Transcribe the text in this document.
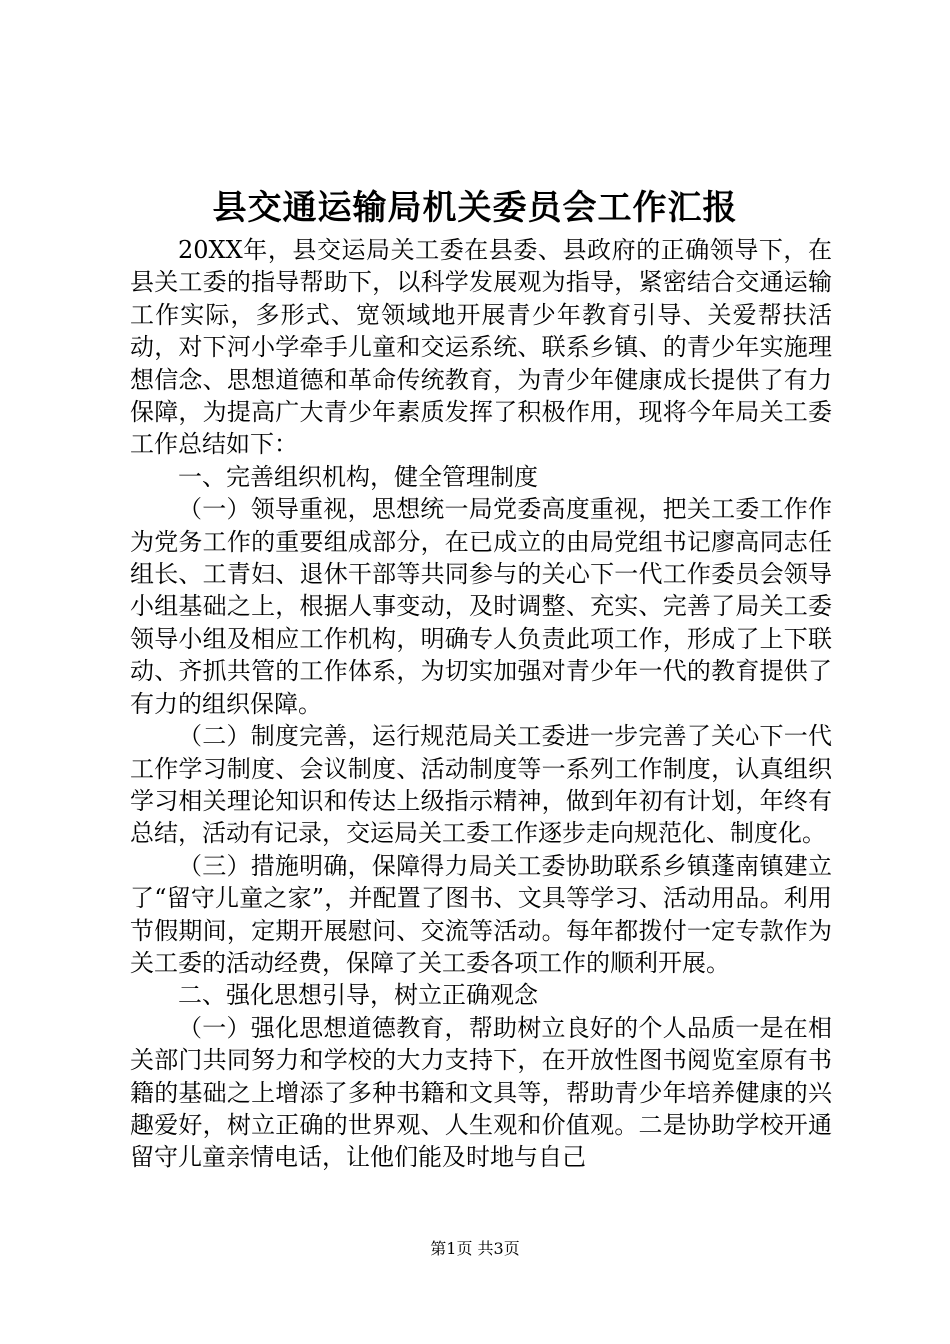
县交通运输局机关委员会工作汇报

20XX年，县交运局关工委在县委、县政府的正确领导下，在县关工委的指导帮助下，以科学发展观为指导，紧密结合交通运输工作实际，多形式、宽领域地开展青少年教育引导、关爱帮扶活动，对下河小学牵手儿童和交运系统、联系乡镇、的青少年实施理想信念、思想道德和革命传统教育，为青少年健康成长提供了有力保障，为提高广大青少年素质发挥了积极作用，现将今年局关工委工作总结如下：

一、完善组织机构，健全管理制度

（一）领导重视，思想统一局党委高度重视，把关工委工作作为党务工作的重要组成部分，在已成立的由局党组书记廖高同志任组长、工青妇、退休干部等共同参与的关心下一代工作委员会领导小组基础之上，根据人事变动，及时调整、充实、完善了局关工委领导小组及相应工作机构，明确专人负责此项工作，形成了上下联动、齐抓共管的工作体系，为切实加强对青少年一代的教育提供了有力的组织保障。

（二）制度完善，运行规范局关工委进一步完善了关心下一代工作学习制度、会议制度、活动制度等一系列工作制度，认真组织学习相关理论知识和传达上级指示精神，做到年初有计划，年终有总结，活动有记录，交运局关工委工作逐步走向规范化、制度化。

（三）措施明确，保障得力局关工委协助联系乡镇蓬南镇建立了“留守儿童之家”，并配置了图书、文具等学习、活动用品。利用节假期间，定期开展慰问、交流等活动。每年都拨付一定专款作为关工委的活动经费，保障了关工委各项工作的顺利开展。

二、强化思想引导，树立正确观念

（一）强化思想道德教育，帮助树立良好的个人品质一是在相关部门共同努力和学校的大力支持下，在开放性图书阅览室原有书籍的基础之上增添了多种书籍和文具等，帮助青少年培养健康的兴趣爱好，树立正确的世界观、人生观和价值观。二是协助学校开通留守儿童亲情电话，让他们能及时地与自己

第1页 共3页
